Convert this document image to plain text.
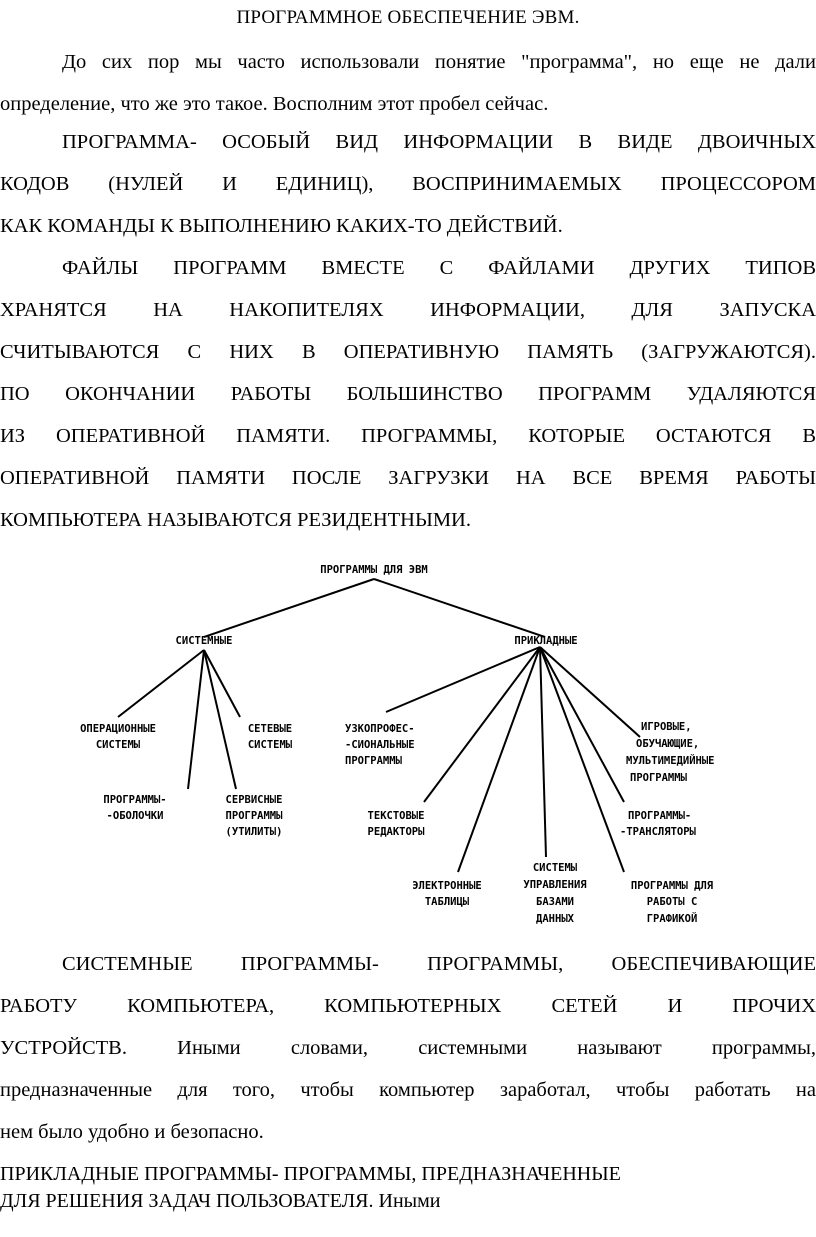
ПРОГРАММНОЕ ОБЕСПЕЧЕНИЕ ЭВМ.
До сих пор мы часто использовали понятие "программа", но еще не дали
определение, что же это такое. Восполним этот пробел сейчас.
ПРОГРАММА- ОСОБЫЙ ВИД ИНФОРМАЦИИ В ВИДЕ ДВОИЧНЫХ
КОДОВ (НУЛЕЙ И ЕДИНИЦ), ВОСПРИНИМАЕМЫХ ПРОЦЕССОРОМ
КАК КОМАНДЫ К ВЫПОЛНЕНИЮ КАКИХ-ТО ДЕЙСТВИЙ.
ФАЙЛЫ ПРОГРАММ ВМЕСТЕ С ФАЙЛАМИ ДРУГИХ ТИПОВ
ХРАНЯТСЯ НА НАКОПИТЕЛЯХ ИНФОРМАЦИИ, ДЛЯ ЗАПУСКА
СЧИТЫВАЮТСЯ С НИХ В ОПЕРАТИВНУЮ ПАМЯТЬ (ЗАГРУЖАЮТСЯ).
ПО ОКОНЧАНИИ РАБОТЫ БОЛЬШИНСТВО ПРОГРАММ УДАЛЯЮТСЯ
ИЗ ОПЕРАТИВНОЙ ПАМЯТИ. ПРОГРАММЫ, КОТОРЫЕ ОСТАЮТСЯ В
ОПЕРАТИВНОЙ ПАМЯТИ ПОСЛЕ ЗАГРУЗКИ НА ВСЕ ВРЕМЯ РАБОТЫ
КОМПЬЮТЕРА НАЗЫВАЮТСЯ РЕЗИДЕНТНЫМИ.
ПРОГРАММЫ ДЛЯ ЭВМ
СИСТЕМНЫЕ	ПРИКЛАДНЫЕ
ОПЕРАЦИОННЫЕ
СИСТЕМЫ
СЕТЕВЫЕ
СИСТЕМЫ
ПРОГРАММЫ-
-ОБОЛОЧКИ
СЕРВИСНЫЕ
ПРОГРАММЫ
(УТИЛИТЫ)
УЗКОПРОФЕС-
-СИОНАЛЬНЫЕ
ПРОГРАММЫ
ТЕКСТОВЫЕ
РЕДАКТОРЫ
ЭЛЕКТРОННЫЕ
ТАБЛИЦЫ
СИСТЕМЫ
УПРАВЛЕНИЯ
БАЗАМИ
ДАННЫХ
ПРОГРАММЫ ДЛЯ
РАБОТЫ С
ГРАФИКОЙ
ПРОГРАММЫ-
-ТРАНСЛЯТОРЫ
ИГРОВЫЕ,
ОБУЧАЮЩИЕ,
МУЛЬТИМЕДИЙНЫЕ
ПРОГРАММЫ
СИСТЕМНЫЕ ПРОГРАММЫ- ПРОГРАММЫ, ОБЕСПЕЧИВАЮЩИЕ
РАБОТУ КОМПЬЮТЕРА, КОМПЬЮТЕРНЫХ СЕТЕЙ И ПРОЧИХ
УСТРОЙСТВ. Иными словами, системными называют программы,
предназначенные для того, чтобы компьютер заработал, чтобы работать на
нем было удобно и безопасно.
ПРИКЛАДНЫЕ ПРОГРАММЫ- ПРОГРАММЫ, ПРЕДНАЗНАЧЕННЫЕ
ДЛЯ РЕШЕНИЯ ЗАДАЧ ПОЛЬЗОВАТЕЛЯ. Иными
